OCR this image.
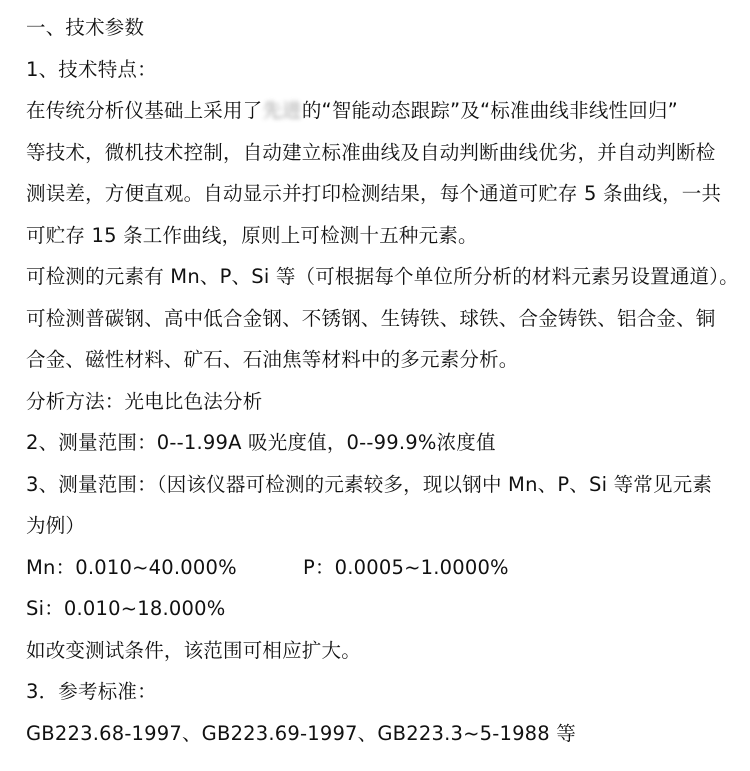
一、技术参数
1、技术特点：
在传统分析仪基础上采用了先进的“智能动态跟踪”及“标准曲线非线性回归”
等技术，微机技术控制，自动建立标准曲线及自动判断曲线优劣，并自动判断检
测误差，方便直观。自动显示并打印检测结果，每个通道可贮存 5 条曲线，一共
可贮存 15 条工作曲线，原则上可检测十五种元素。
可检测的元素有 Mn、P、Si 等（可根据每个单位所分析的材料元素另设置通道）。
可检测普碳钢、高中低合金钢、不锈钢、生铸铁、球铁、合金铸铁、铝合金、铜
合金、磁性材料、矿石、石油焦等材料中的多元素分析。
分析方法：光电比色法分析
2、测量范围：0--1.99A 吸光度值，0--99.9%浓度值
3、测量范围：（因该仪器可检测的元素较多，现以钢中 Mn、P、Si 等常见元素
为例）
Mn：0.010~40.000%	P：0.0005~1.0000%
Si：0.010~18.000%
如改变测试条件，该范围可相应扩大。
3．参考标准：
GB223.68-1997、GB223.69-1997、GB223.3~5-1988 等
